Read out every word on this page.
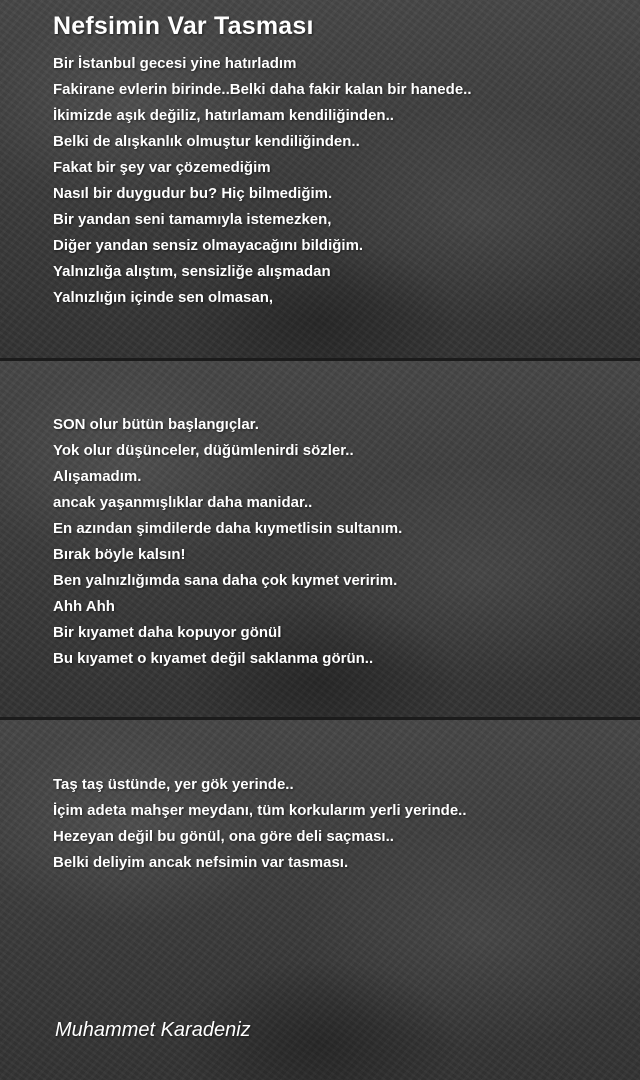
Nefsimin Var Tasması
Bir İstanbul gecesi yine hatırladım
Fakirane evlerin birinde..Belki daha fakir kalan bir hanede..
İkimizde aşık değiliz, hatırlamam kendiliğinden..
Belki de alışkanlık olmuştur kendiliğinden..
Fakat bir şey var çözemediğim
Nasıl bir duygudur bu? Hiç bilmediğim.
Bir yandan seni tamamıyla istemezken,
Diğer yandan sensiz olmayacağını bildiğim.
Yalnızlığa alıştım, sensizliğe alışmadan
Yalnızlığın içinde sen olmasan,
SON olur bütün başlangıçlar.
Yok olur düşünceler, düğümlenirdi sözler..
Alışamadım.
ancak yaşanmışlıklar daha manidar..
En azından şimdilerde daha kıymetlisin sultanım.
Bırak böyle kalsın!
Ben yalnızlığımda sana daha çok kıymet veririm.
Ahh Ahh
Bir kıyamet daha kopuyor gönül
Bu kıyamet o kıyamet değil saklanma görün..
Taş taş üstünde, yer gök yerinde..
İçim adeta mahşer meydanı, tüm korkularım yerli yerinde..
Hezeyan değil bu gönül, ona göre deli saçması..
Belki deliyim ancak nefsimin var tasması.

Muhammet Karadeniz
